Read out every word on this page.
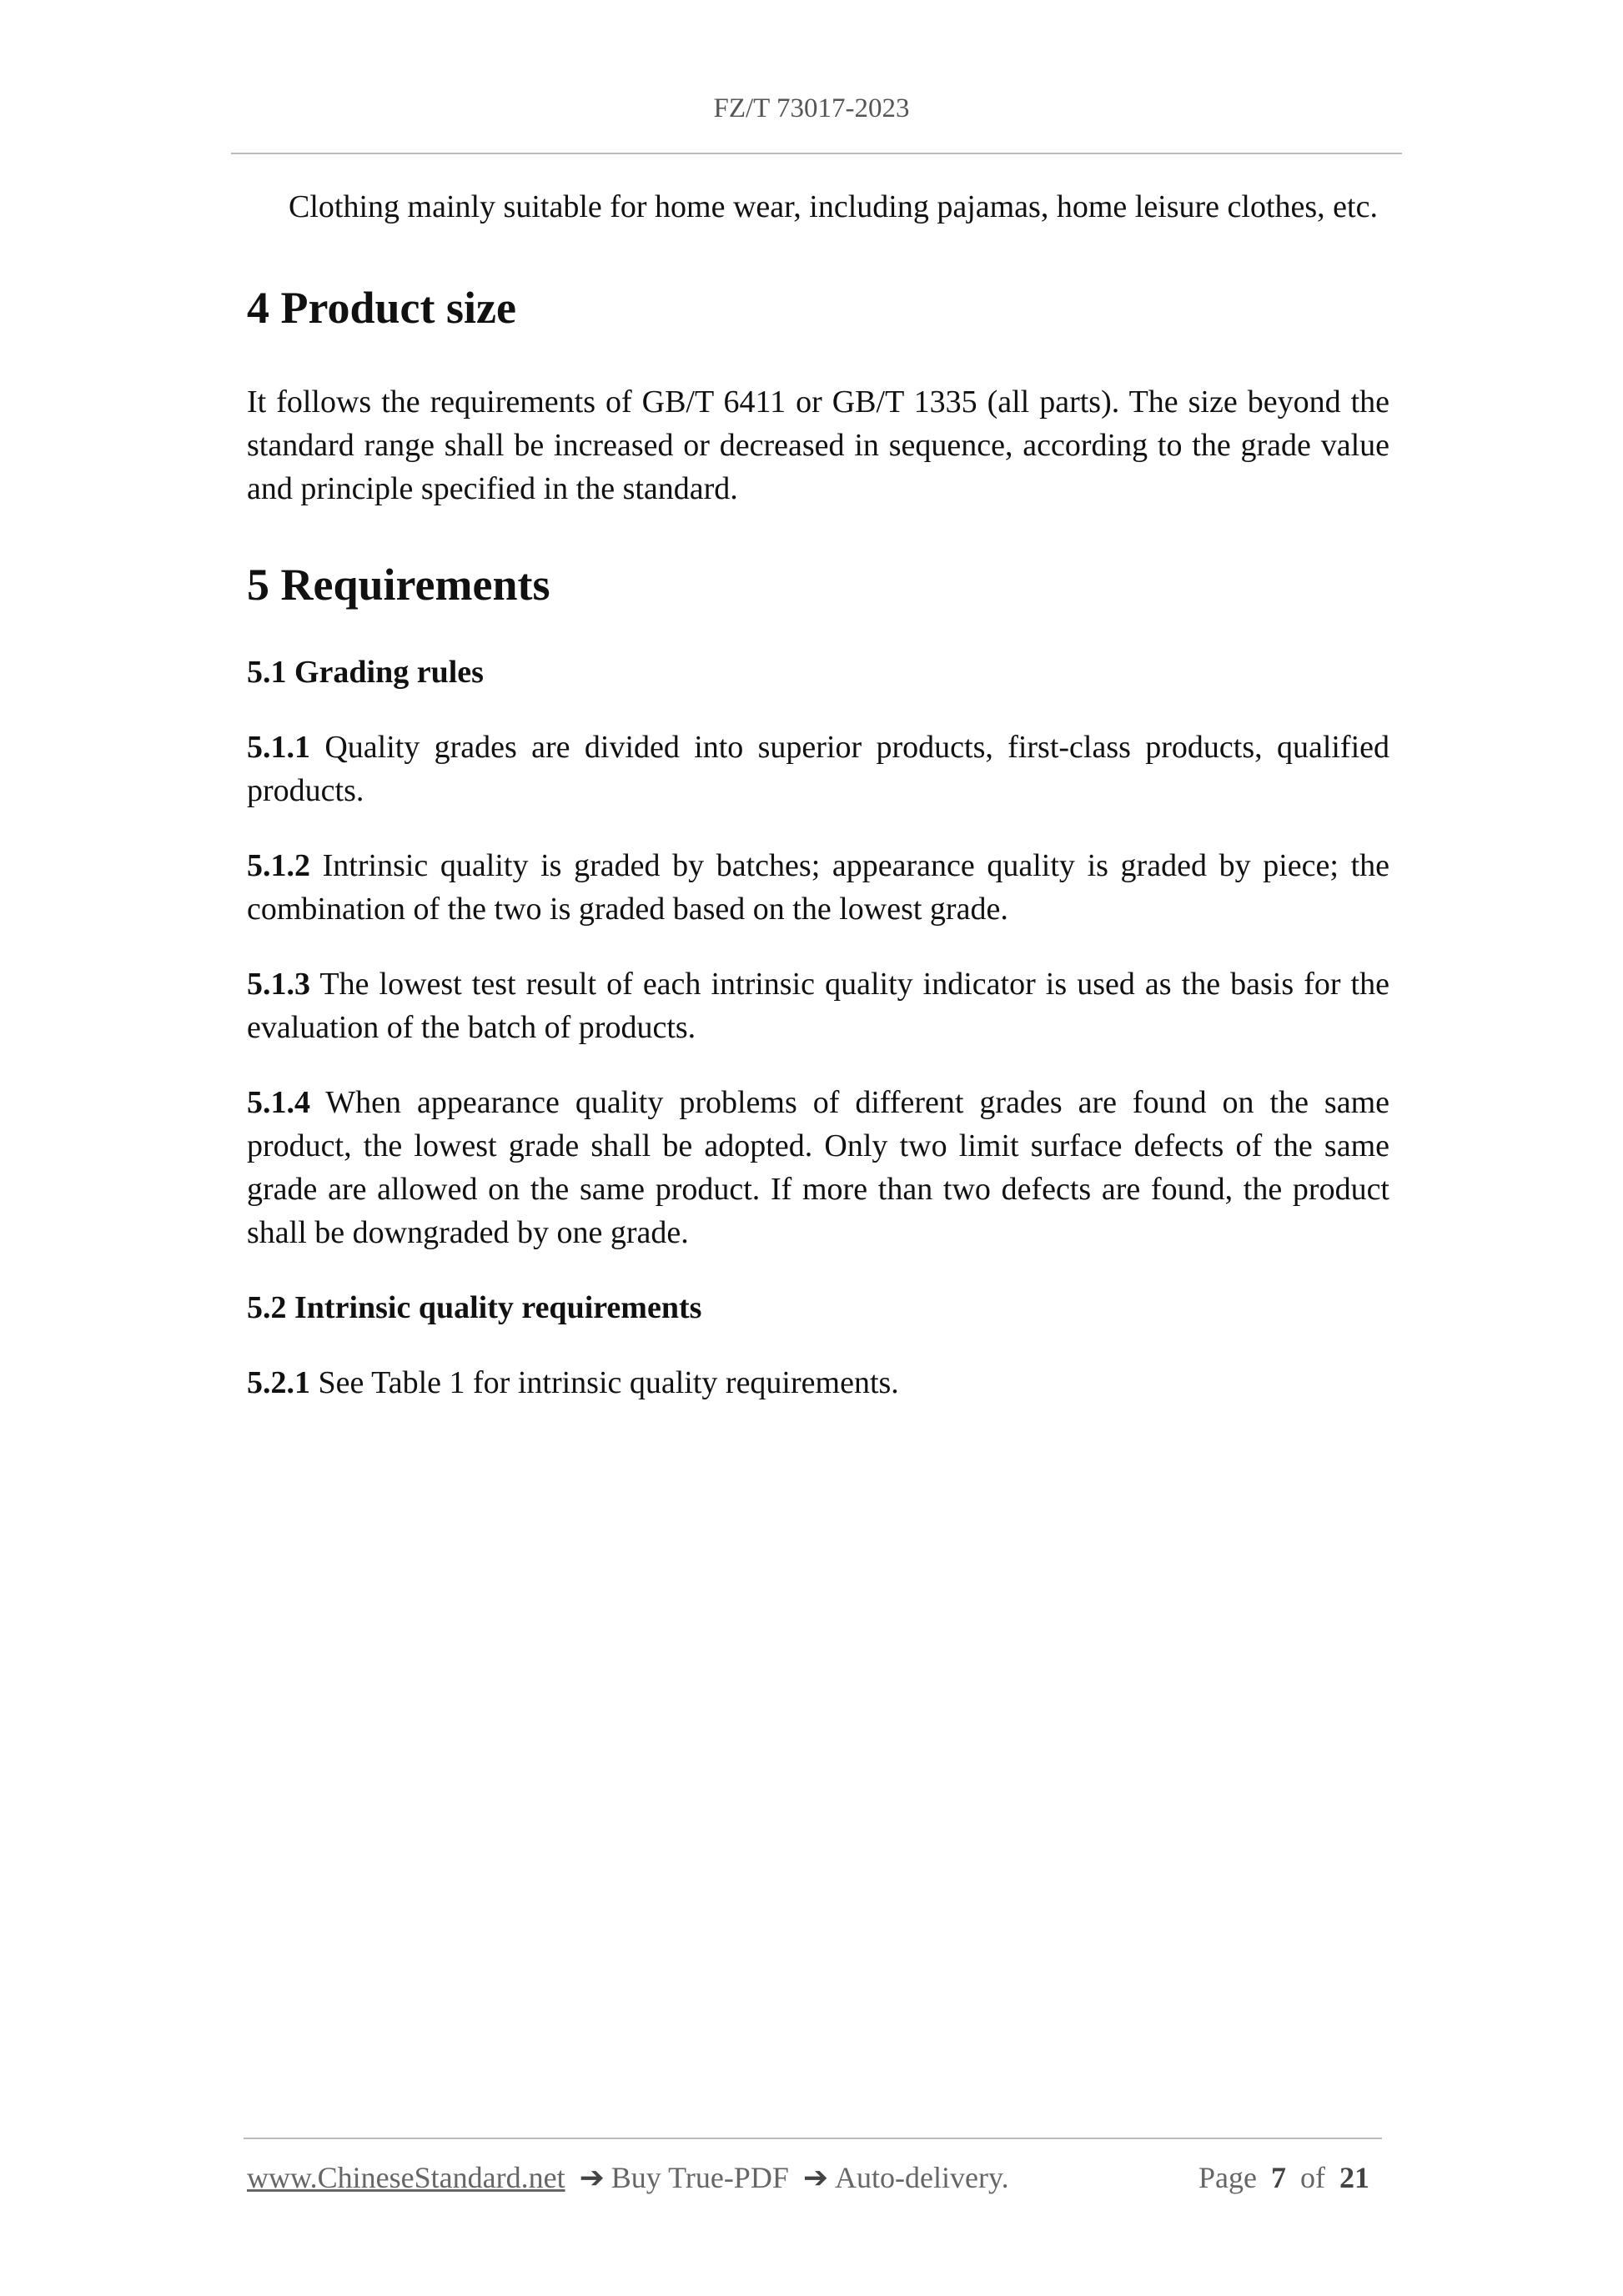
FZ/T 73017-2023

Clothing mainly suitable for home wear, including pajamas, home leisure clothes, etc.

4 Product size

It follows the requirements of GB/T 6411 or GB/T 1335 (all parts). The size beyond the standard range shall be increased or decreased in sequence, according to the grade value and principle specified in the standard.

5 Requirements
5.1 Grading rules

5.1.1 Quality grades are divided into superior products, first-class products, qualified products.

5.1.2 Intrinsic quality is graded by batches; appearance quality is graded by piece; the combination of the two is graded based on the lowest grade.

5.1.3 The lowest test result of each intrinsic quality indicator is used as the basis for the evaluation of the batch of products.

5.1.4 When appearance quality problems of different grades are found on the same product, the lowest grade shall be adopted. Only two limit surface defects of the same grade are allowed on the same product. If more than two defects are found, the product shall be downgraded by one grade.

5.2 Intrinsic quality requirements

5.2.1 See Table 1 for intrinsic quality requirements.

www.ChineseStandard.net ➔ Buy True-PDF ➔ Auto-delivery.	Page 7 of 21
